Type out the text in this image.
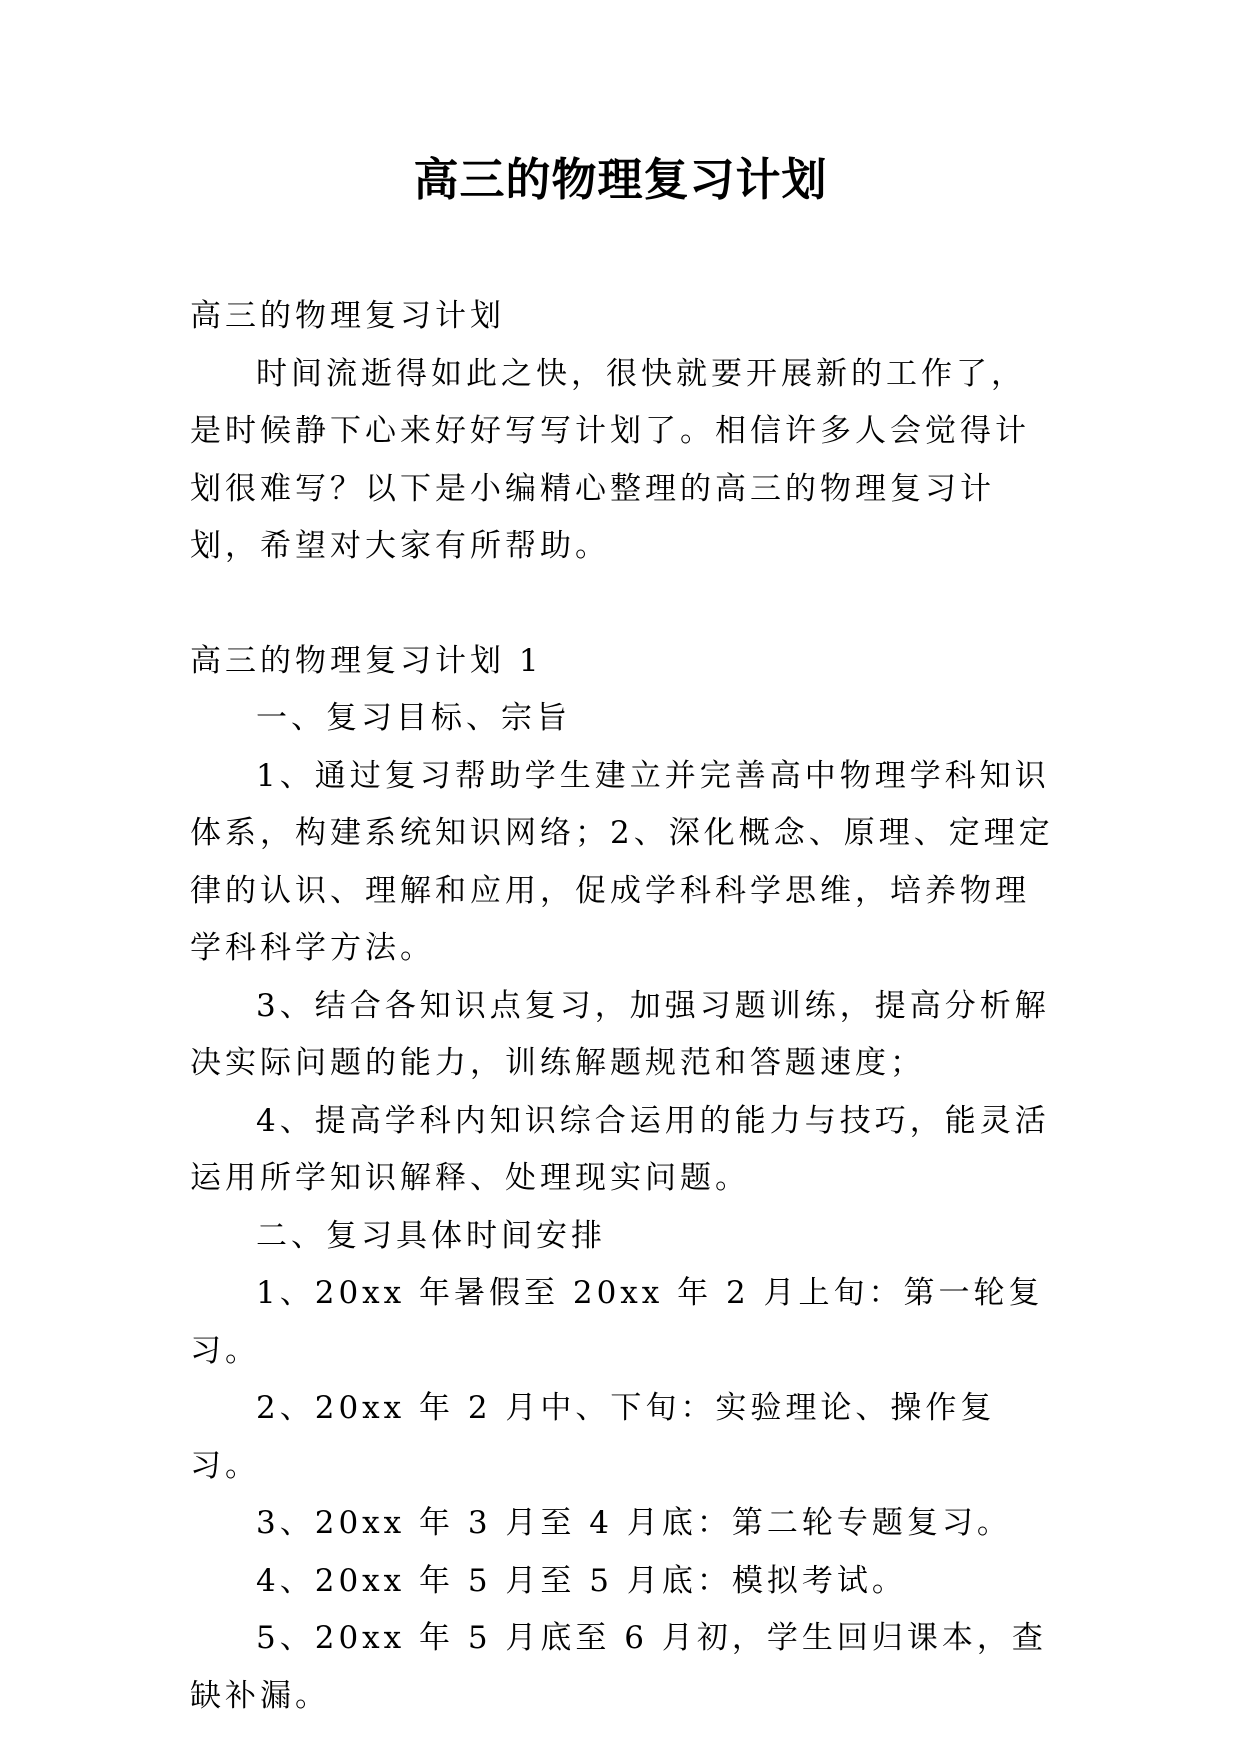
高三的物理复习计划

高三的物理复习计划

时间流逝得如此之快，很快就要开展新的工作了，是时候静下心来好好写写计划了。相信许多人会觉得计划很难写？以下是小编精心整理的高三的物理复习计划，希望对大家有所帮助。

高三的物理复习计划 1

一、复习目标、宗旨

1、通过复习帮助学生建立并完善高中物理学科知识体系，构建系统知识网络；2、深化概念、原理、定理定律的认识、理解和应用，促成学科科学思维，培养物理学科科学方法。

3、结合各知识点复习，加强习题训练，提高分析解决实际问题的能力，训练解题规范和答题速度；

4、提高学科内知识综合运用的能力与技巧，能灵活运用所学知识解释、处理现实问题。

二、复习具体时间安排

1、20xx 年暑假至 20xx 年 2 月上旬：第一轮复习。

2、20xx 年 2 月中、下旬：实验理论、操作复习。

3、20xx 年 3 月至 4 月底：第二轮专题复习。

4、20xx 年 5 月至 5 月底：模拟考试。

5、20xx 年 5 月底至 6 月初，学生回归课本，查缺补漏。
